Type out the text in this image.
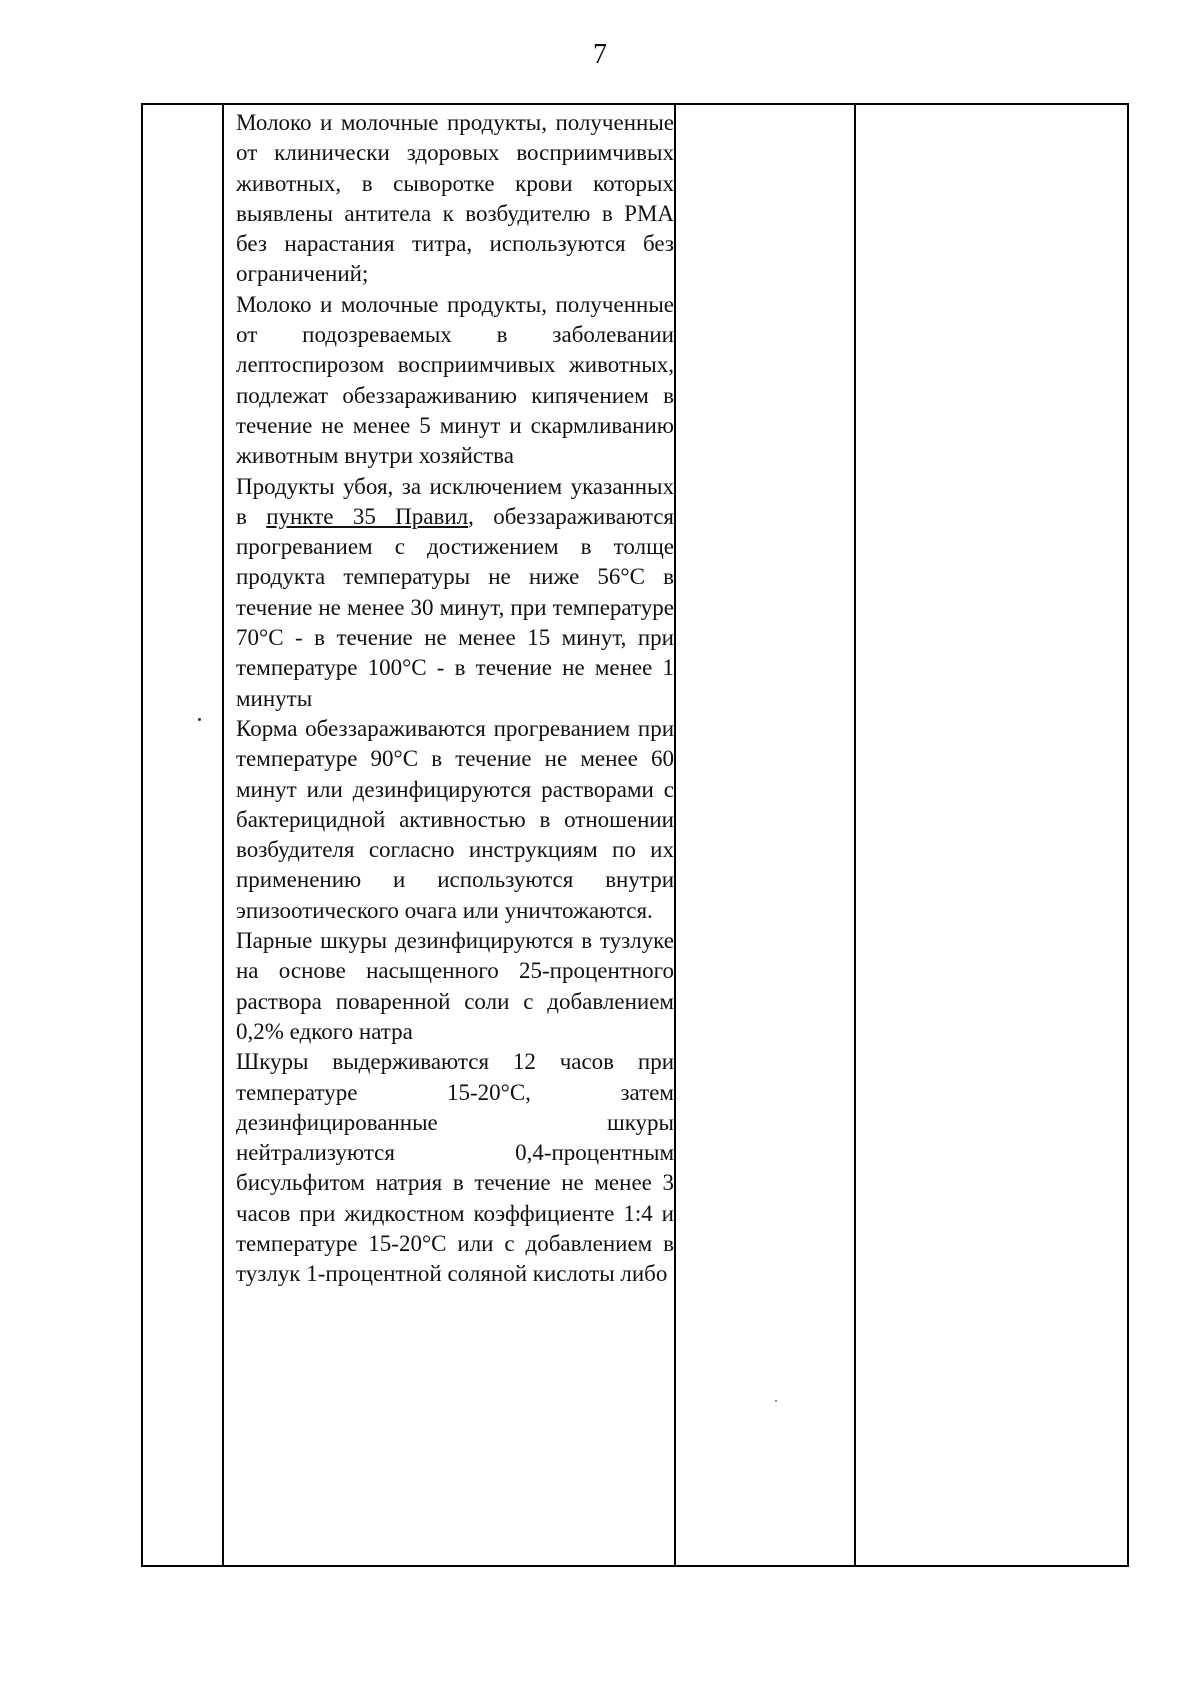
7

Молоко и молочные продукты, полученные от клинически здоровых восприимчивых животных, в сыворотке крови которых выявлены антитела к возбудителю в РМА без нарастания титра, используются без ограничений;

Молоко и молочные продукты, полученные от подозреваемых в заболевании лептоспирозом восприимчивых животных, подлежат обеззараживанию кипячением в течение не менее 5 минут и скармливанию животным внутри хозяйства

Продукты убоя, за исключением указанных в пункте 35 Правил, обеззараживаются прогреванием с достижением в толще продукта температуры не ниже 56°С в течение не менее 30 минут, при температуре 70°С - в течение не менее 15 минут, при температуре 100°С - в течение не менее 1 минуты

Корма обеззараживаются прогреванием при температуре 90°С в течение не менее 60 минут или дезинфицируются растворами с бактерицидной активностью в отношении возбудителя согласно инструкциям по их применению и используются внутри эпизоотического очага или уничтожаются.

Парные шкуры дезинфицируются в тузлуке на основе насыщенного 25-процентного раствора поваренной соли с добавлением 0,2% едкого натра

Шкуры выдерживаются 12 часов при температуре 15-20°С, затем дезинфицированные шкуры нейтрализуются 0,4-процентным бисульфитом натрия в течение не менее 3 часов при жидкостном коэффициенте 1:4 и температуре 15-20°С или с добавлением в тузлук 1-процентной соляной кислоты либо
